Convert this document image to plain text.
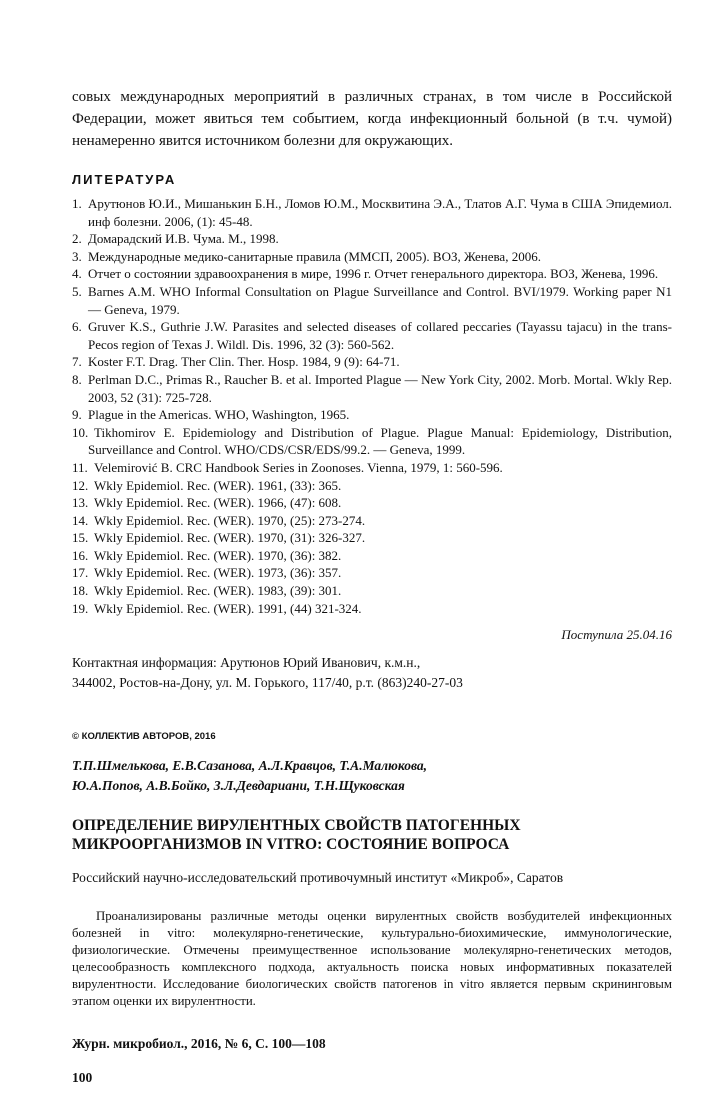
совых международных мероприятий в различных странах, в том числе в Российской Федерации, может явиться тем событием, когда инфекционный больной (в т.ч. чумой) ненамеренно явится источником болезни для окружающих.

ЛИТЕРАТУРА
1. Арутюнов Ю.И., Мишанькин Б.Н., Ломов Ю.М., Москвитина Э.А., Тлатов А.Г. Чума в США Эпидемиол. инф болезни. 2006, (1): 45-48.
2. Домарадский И.В. Чума. М., 1998.
3. Международные медико-санитарные правила (ММСП, 2005). ВОЗ, Женева, 2006.
4. Отчет о состоянии здравоохранения в мире, 1996 г. Отчет генерального директора. ВОЗ, Женева, 1996.
5. Barnes A.M. WHO Informal Consultation on Plague Surveillance and Control. BVI/1979. Working paper N1 — Geneva, 1979.
6. Gruver K.S., Guthrie J.W. Parasites and selected diseases of collared peccaries (Tayassu tajacu) in the trans-Pecos region of Texas J. Wildl. Dis. 1996, 32 (3): 560-562.
7. Koster F.T. Drag. Ther Clin. Ther. Hosp. 1984, 9 (9): 64-71.
8. Perlman D.C., Primas R., Raucher B. et al. Imported Plague — New York City, 2002. Morb. Mortal. Wkly Rep. 2003, 52 (31): 725-728.
9. Plague in the Americas. WHO, Washington, 1965.
10. Tikhomirov E. Epidemiology and Distribution of Plague. Plague Manual: Epidemiology, Distribution, Surveillance and Control. WHO/CDS/CSR/EDS/99.2. — Geneva, 1999.
11. Velemirović B. CRC Handbook Series in Zoonoses. Vienna, 1979, 1: 560-596.
12. Wkly Epidemiol. Rec. (WER). 1961, (33): 365.
13. Wkly Epidemiol. Rec. (WER). 1966, (47): 608.
14. Wkly Epidemiol. Rec. (WER). 1970, (25): 273-274.
15. Wkly Epidemiol. Rec. (WER). 1970, (31): 326-327.
16. Wkly Epidemiol. Rec. (WER). 1970, (36): 382.
17. Wkly Epidemiol. Rec. (WER). 1973, (36): 357.
18. Wkly Epidemiol. Rec. (WER). 1983, (39): 301.
19. Wkly Epidemiol. Rec. (WER). 1991, (44) 321-324.
Поступила 25.04.16
Контактная информация: Арутюнов Юрий Иванович, к.м.н.,
344002, Ростов-на-Дону, ул. М. Горького, 117/40, р.т. (863)240-27-03
© КОЛЛЕКТИВ АВТОРОВ, 2016
Т.П.Шмелькова, Е.В.Сазанова, А.Л.Кравцов, Т.А.Малюкова,
Ю.А.Попов, А.В.Бойко, З.Л.Девдариани, Т.Н.Щуковская
ОПРЕДЕЛЕНИЕ ВИРУЛЕНТНЫХ СВОЙСТВ ПАТОГЕННЫХ МИКРООРГАНИЗМОВ IN VITRO: СОСТОЯНИЕ ВОПРОСА
Российский научно-исследовательский противочумный институт «Микроб», Саратов

Проанализированы различные методы оценки вирулентных свойств возбудителей инфекционных болезней in vitro: молекулярно-генетические, культурально-биохимические, иммунологические, физиологические. Отмечены преимущественное использование молекулярно-генетических методов, целесообразность комплексного подхода, актуальность поиска новых информативных показателей вирулентности. Исследование биологических свойств патогенов in vitro является первым скрининговым этапом оценки их вирулентности.

Журн. микробиол., 2016, № 6, С. 100—108
100
